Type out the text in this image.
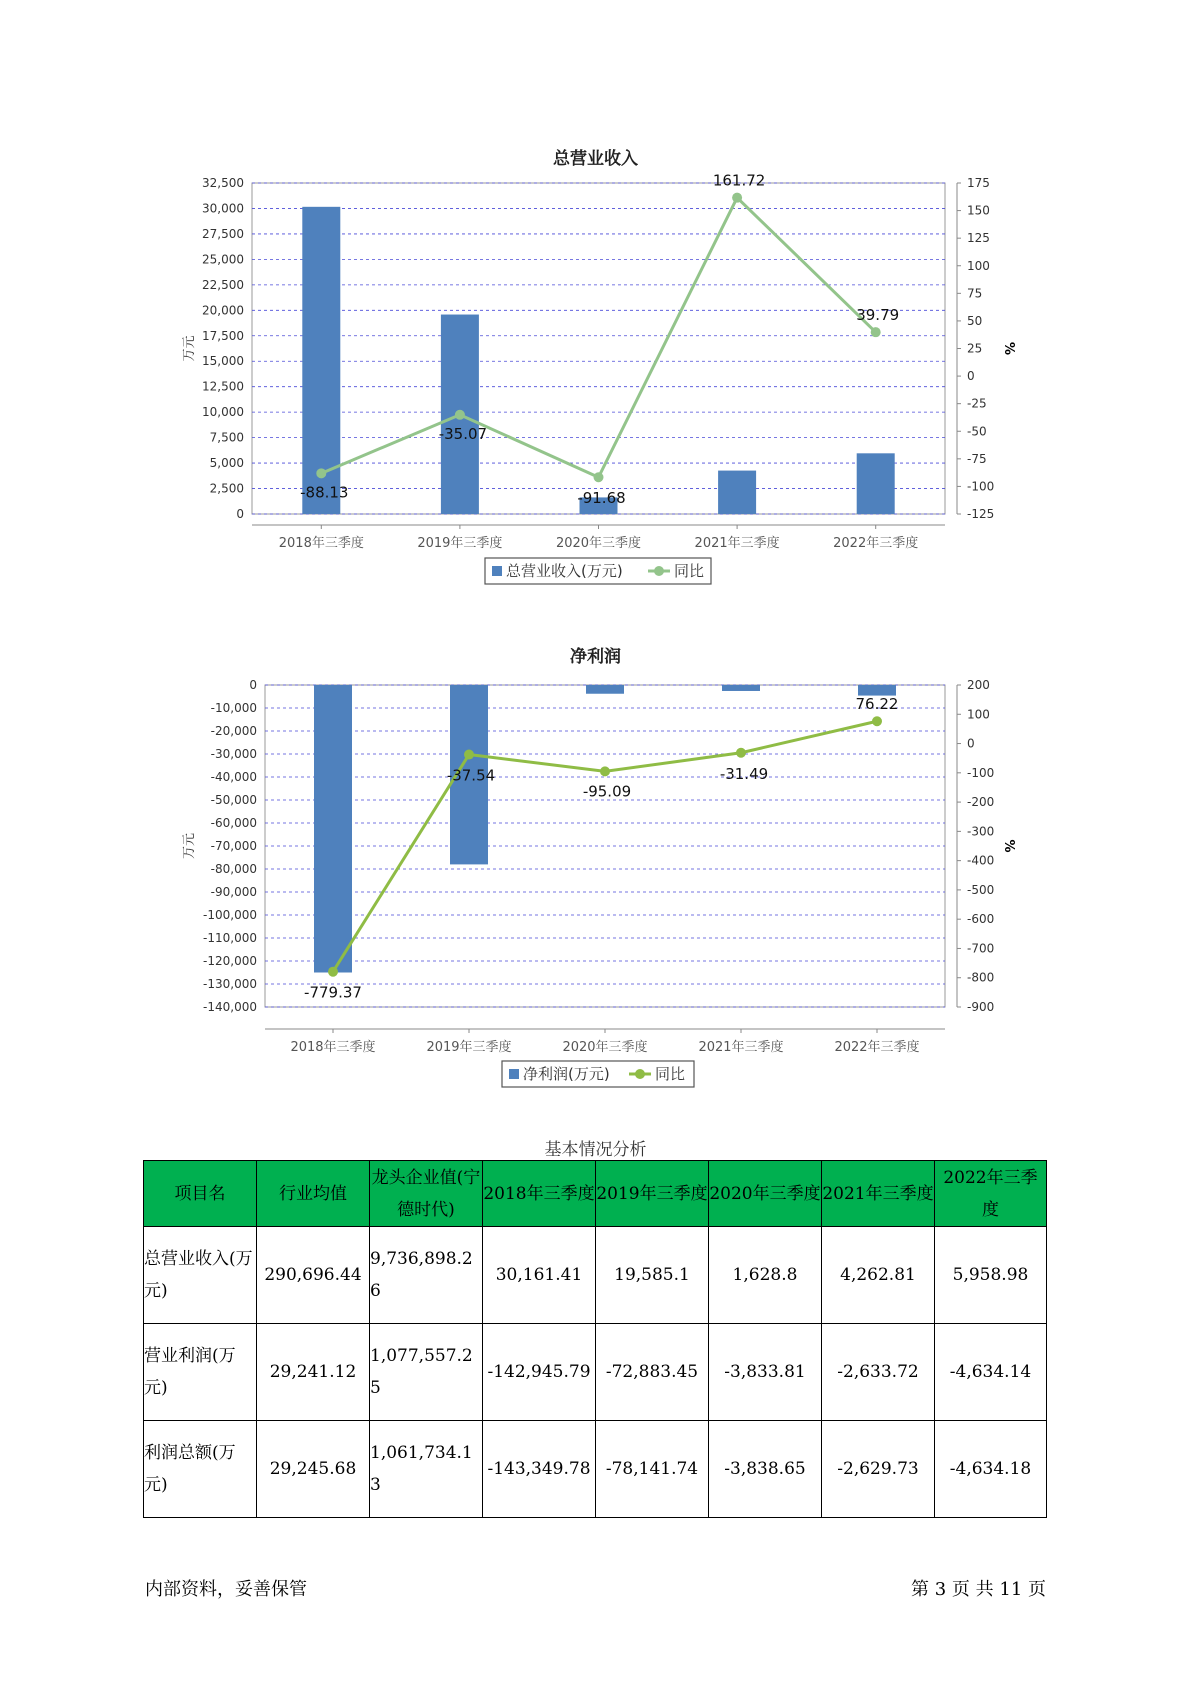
总营业收入
0
2,500
5,000
7,500
10,000
12,500
15,000
17,500
20,000
22,500
25,000
27,500
30,000
32,500
-125
-100
-75
-50
-25
0
25
50
75
100
125
150
175
万元	%
2018年三季度	2019年三季度	2020年三季度	2021年三季度	2022年三季度
-88.13
-35.07
-91.68
161.72
39.79
总营业收入(万元)	同比
净利润
-140,000
-130,000
-120,000
-110,000
-100,000
-90,000
-80,000
-70,000
-60,000
-50,000
-40,000
-30,000
-20,000
-10,000
0
-900
-800
-700
-600
-500
-400
-300
-200
-100
0
100
200
万元	%
2018年三季度	2019年三季度	2020年三季度	2021年三季度	2022年三季度
-779.37
-37.54
-95.09
-31.49
76.22
净利润(万元)	同比
基本情况分析
项目名	行业均值	龙头企业值(宁德时代)	2018年三季度	2019年三季度	2020年三季度	2021年三季度	2022年三季度
总营业收入(万元)	290,696.44	9,736,898.26	30,161.41	19,585.1	1,628.8	4,262.81	5,958.98
营业利润(万元)	29,241.12	1,077,557.25	-142,945.79	-72,883.45	-3,833.81	-2,633.72	-4,634.14
利润总额(万元)	29,245.68	1,061,734.13	-143,349.78	-78,141.74	-3,838.65	-2,629.73	-4,634.18
内部资料，妥善保管	第 3 页 共 11 页
